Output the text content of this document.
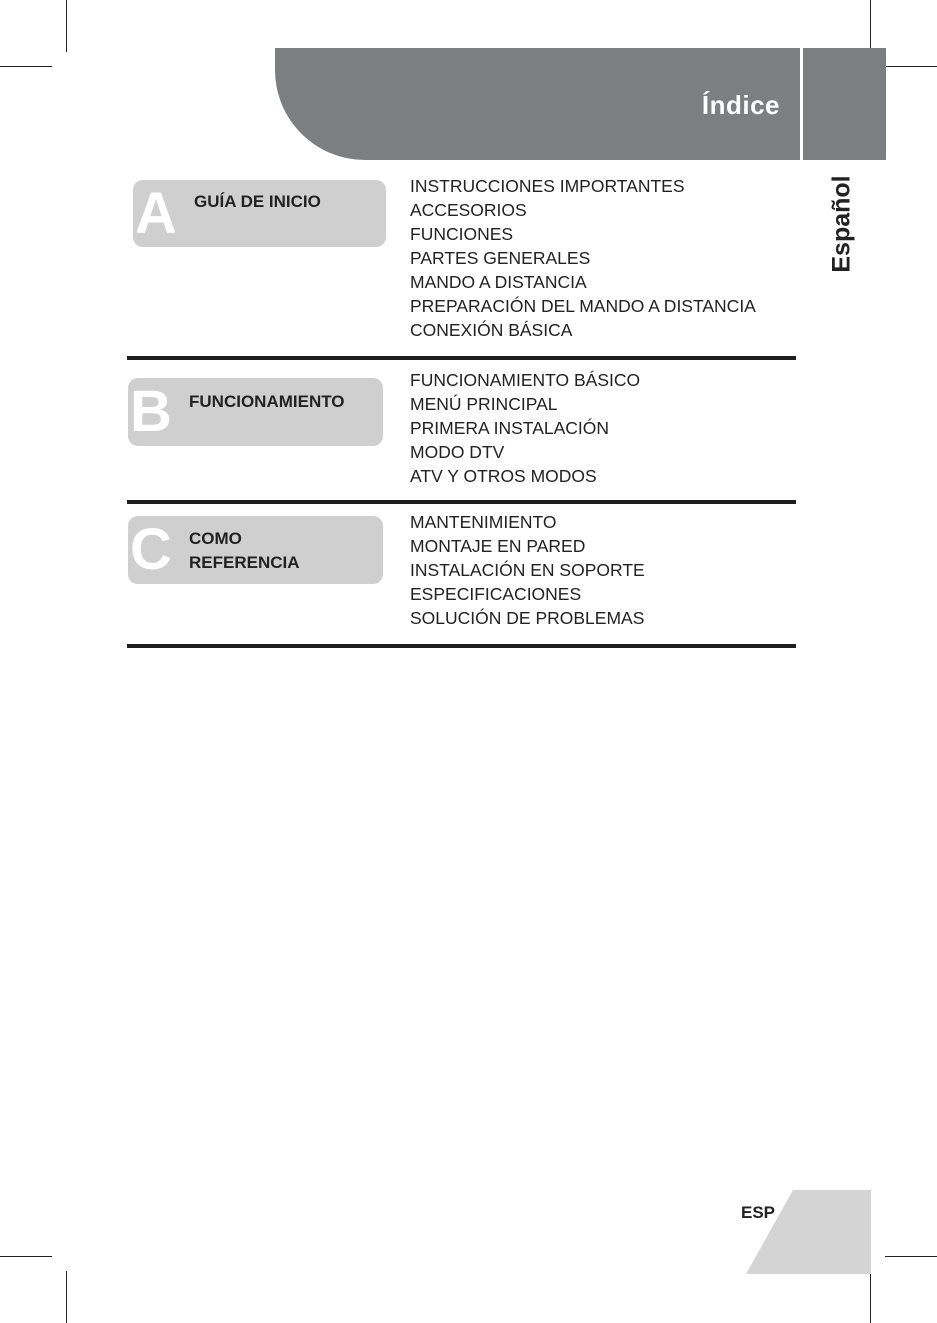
Índice
Español
A GUÍA DE INICIO
INSTRUCCIONES IMPORTANTES
ACCESORIOS
FUNCIONES
PARTES GENERALES
MANDO A DISTANCIA
PREPARACIÓN DEL MANDO A DISTANCIA
CONEXIÓN BÁSICA
B FUNCIONAMIENTO
FUNCIONAMIENTO BÁSICO
MENÚ PRINCIPAL
PRIMERA INSTALACIÓN
MODO DTV
ATV Y OTROS MODOS
C COMO
REFERENCIA
MANTENIMIENTO
MONTAJE EN PARED
INSTALACIÓN EN SOPORTE
ESPECIFICACIONES
SOLUCIÓN DE PROBLEMAS
ESP
